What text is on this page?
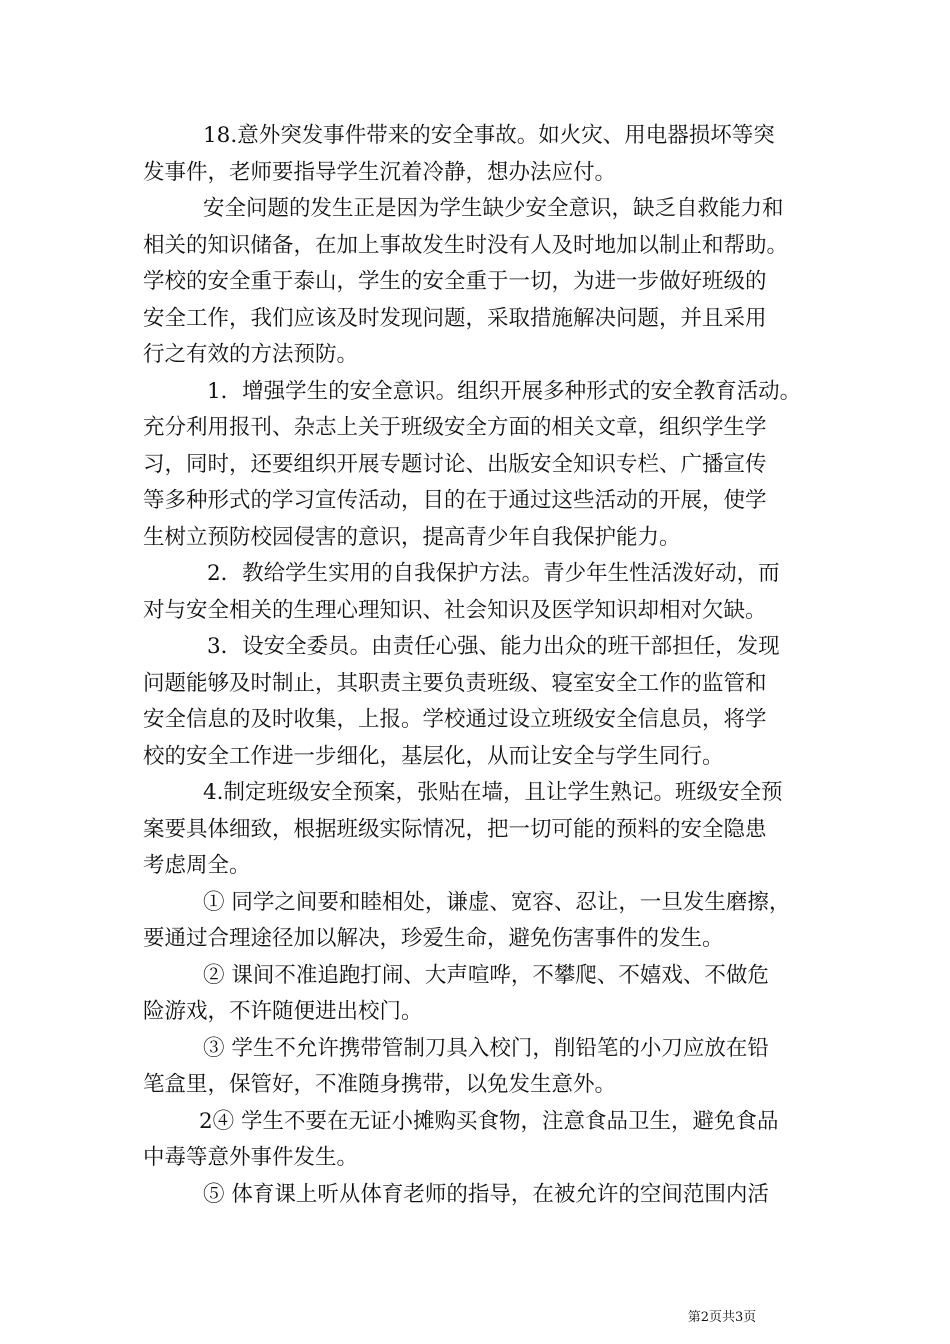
18.意外突发事件带来的安全事故。如火灾、用电器损坏等突
发事件，老师要指导学生沉着冷静，想办法应付。
安全问题的发生正是因为学生缺少安全意识，缺乏自救能力和
相关的知识储备，在加上事故发生时没有人及时地加以制止和帮助。
学校的安全重于泰山，学生的安全重于一切，为进一步做好班级的
安全工作，我们应该及时发现问题，采取措施解决问题，并且采用
行之有效的方法预防。
1．增强学生的安全意识。组织开展多种形式的安全教育活动。
充分利用报刊、杂志上关于班级安全方面的相关文章，组织学生学
习，同时，还要组织开展专题讨论、出版安全知识专栏、广播宣传
等多种形式的学习宣传活动，目的在于通过这些活动的开展，使学
生树立预防校园侵害的意识，提高青少年自我保护能力。
2．教给学生实用的自我保护方法。青少年生性活泼好动，而
对与安全相关的生理心理知识、社会知识及医学知识却相对欠缺。
3．设安全委员。由责任心强、能力出众的班干部担任，发现
问题能够及时制止，其职责主要负责班级、寝室安全工作的监管和
安全信息的及时收集，上报。学校通过设立班级安全信息员，将学
校的安全工作进一步细化，基层化，从而让安全与学生同行。
4.制定班级安全预案，张贴在墙，且让学生熟记。班级安全预
案要具体细致，根据班级实际情况，把一切可能的预料的安全隐患
考虑周全。
① 同学之间要和睦相处，谦虚、宽容、忍让，一旦发生磨擦，
要通过合理途径加以解决，珍爱生命，避免伤害事件的发生。
② 课间不准追跑打闹、大声喧哗，不攀爬、不嬉戏、不做危
险游戏，不许随便进出校门。
③ 学生不允许携带管制刀具入校门，削铅笔的小刀应放在铅
笔盒里，保管好，不准随身携带，以免发生意外。
2④ 学生不要在无证小摊购买食物，注意食品卫生，避免食品
中毒等意外事件发生。
⑤ 体育课上听从体育老师的指导，在被允许的空间范围内活
第2页共3页
